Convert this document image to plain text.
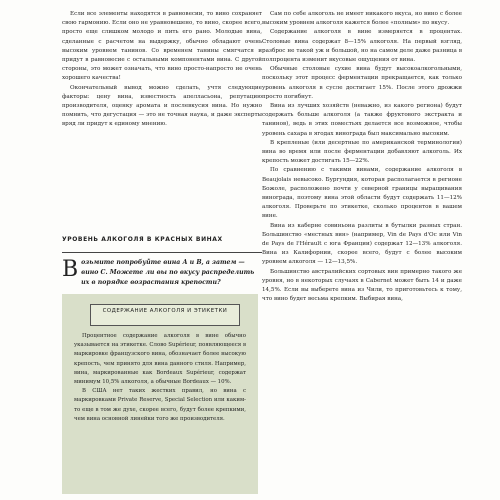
Если все элементы находятся в равновесии, то вино сохраняет свою гармонию. Если оно не уравновешено, то вино, скорее всего, просто еще слишком молодо и пить его рано. Молодые вина, сделанные с расчетом на выдержку, обычно обладают очень высоким уровнем танинов. Со временем танины смягчатся и придут в равновесие с остальными компонентами вина. С другой стороны, это может означать, что вино просто-напросто не очень хорошего качества!

Окончательный вывод можно сделать, учтя следующие факторы: цену вина, известность апелласьона, репутацию производителя, оценку аромата и послевкусия вина. Но нужно помнить, что дегустация — это не точная наука, и даже эксперты вряд ли придут к единому мнению.

УРОВЕНЬ АЛКОГОЛЯ В КРАСНЫХ ВИНАХ
В озьмите попробуйте вина А и В, а затем — вино С. Можете ли вы по вкусу распределить их в порядке возрастания крепости?
СОДЕРЖАНИЕ АЛКОГОЛЯ И ЭТИКЕТКИ

Процентное содержание алкоголя в вине обычно указывается на этикетке. Слово Supérieur, появляющееся в маркировке французского вина, обозначает более высокую крепость, чем принято для вина данного стиля. Например, вина, маркированные как Bordeaux Supérieur, содержат минимум 10,5% алкоголя, а обычные Bordeaux — 10%.

В США нет таких жестких правил, но вина с маркировками Private Reserve, Special Selection или каким-то еще в том же духе, скорее всего, будут более крепкими, чем вина основной линейки того же производителя.

Сам по себе алкоголь не имеет никакого вкуса, но вино с более высоким уровнем алкоголя кажется более «полным» по вкусу.

Содержание алкоголя в вине измеряется в процентах. Столовые вина содержат 8—15% алкоголя. На первый взгляд, разброс не такой уж и большой, но на самом деле даже разница в полпроцента изменит вкусовые ощущения от вина.

Обычные столовые сухие вина будут высокоалкогольными, поскольку этот процесс ферментации прекращается, как только уровень алкоголя в сусле достигает 15%. После этого дрожжи просто погибнут.

Вина из лучших хозяйств (неважно, из какого региона) будут содержать больше алкоголя (а также фруктового экстракта и танинов), ведь в этих поместьях делается все возможное, чтобы уровень сахара в ягодах винограда был максимально высоким.

В крепленые (или десертные по американской терминологии) вина во время или после ферментации добавляют алкоголь. Их крепость может достигать 15—22%.

По сравнению с такими винами, содержание алкоголя в Beaujolais невысоко. Бургундия, которая располагается в регионе Божоле, расположено почти у северной границы выращивания винограда, поэтому вина этой области будут содержать 11—12% алкоголя. Проверьте по этикетке, сколько процентов в вашем вине.

Вина из каберне совиньона разлиты в бутылки разных стран. Большинство «местных вин» (например, Vin de Pays d'Oc или Vin de Pays de l'Hérault с юга Франции) содержат 12—13% алкоголя. Вина из Калифорнии, скорее всего, будут с более высоким уровнем алкоголя — 12—13,5%.

Большинство австралийских сортовых вин примерно такого же уровня, но в некоторых случаях в Cabernet может быть 14 и даже 14,5%. Если вы выберете вина из Чили, то приготовьтесь к тому, что вино будет весьма крепким. Выбирая вина,
